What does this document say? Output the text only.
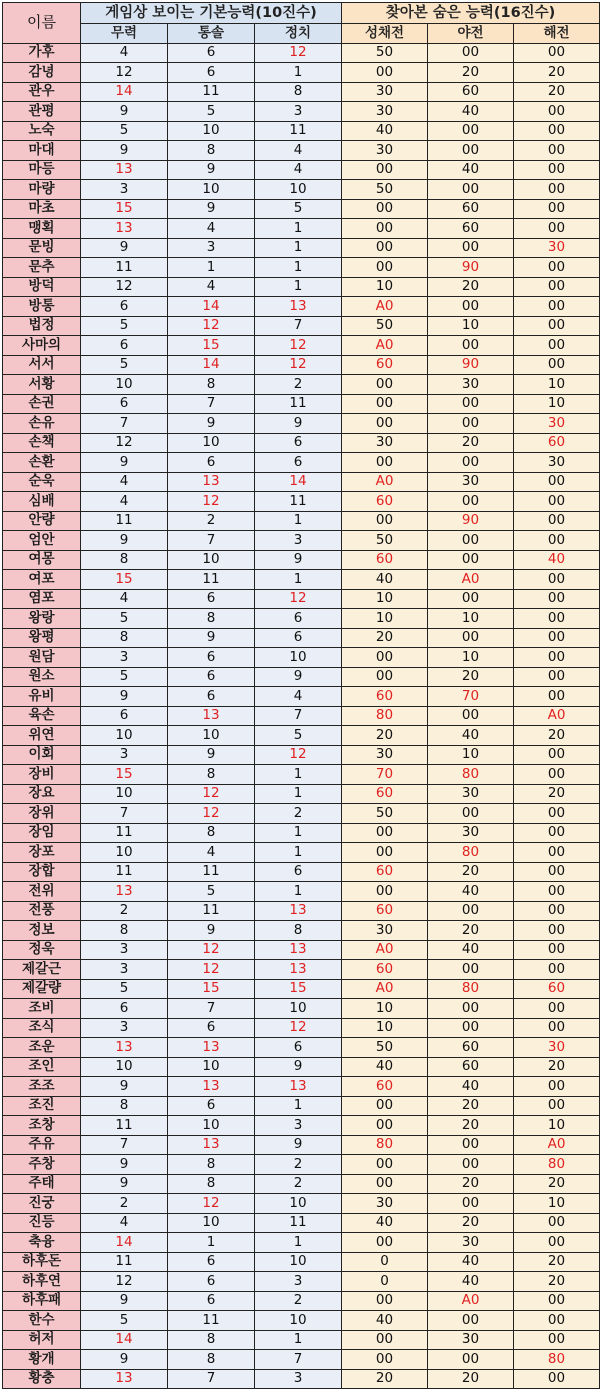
이름	게임상 보이는 기본능력(10진수)			찾아본 숨은 능력(16진수)		
	무력	통솔	정치	성채전	야전	해전
가후	4	6	12	50	00	00
감녕	12	6	1	00	20	20
관우	14	11	8	30	60	20
관평	9	5	3	30	40	00
노숙	5	10	11	40	00	00
마대	9	8	4	30	00	00
마등	13	9	4	00	40	00
마량	3	10	10	50	00	00
마초	15	9	5	00	60	00
맹획	13	4	1	00	60	00
문빙	9	3	1	00	00	30
문추	11	1	1	00	90	00
방덕	12	4	1	10	20	00
방통	6	14	13	A0	00	00
법정	5	12	7	50	10	00
사마의	6	15	12	A0	00	00
서서	5	14	12	60	90	00
서황	10	8	2	00	30	10
손권	6	7	11	00	00	10
손유	7	9	9	00	00	30
손책	12	10	6	30	20	60
손환	9	6	6	00	00	30
순욱	4	13	14	A0	30	00
심배	4	12	11	60	00	00
안량	11	2	1	00	90	00
엄안	9	7	3	50	00	00
여몽	8	10	9	60	00	40
여포	15	11	1	40	A0	00
염포	4	6	12	10	00	00
왕랑	5	8	6	10	10	00
왕평	8	9	6	20	00	00
원담	3	6	10	00	10	00
원소	5	6	9	00	20	00
유비	9	6	4	60	70	00
육손	6	13	7	80	00	A0
위연	10	10	5	20	40	20
이회	3	9	12	30	10	00
장비	15	8	1	70	80	00
장요	10	12	1	60	30	20
장위	7	12	2	50	00	00
장임	11	8	1	00	30	00
장포	10	4	1	00	80	00
장합	11	11	6	60	20	00
전위	13	5	1	00	40	00
전풍	2	11	13	60	00	00
정보	8	9	8	30	20	00
정욱	3	12	13	A0	40	00
제갈근	3	12	13	60	00	00
제갈량	5	15	15	A0	80	60
조비	6	7	10	10	00	00
조식	3	6	12	10	00	00
조운	13	13	6	50	60	30
조인	10	10	9	40	60	20
조조	9	13	13	60	40	00
조진	8	6	1	00	20	00
조창	11	10	3	00	20	10
주유	7	13	9	80	00	A0
주창	9	8	2	00	00	80
주태	9	8	2	00	20	20
진궁	2	12	10	30	00	10
진등	4	10	11	40	20	00
축융	14	1	1	00	30	00
하후돈	11	6	10	0	40	20
하후연	12	6	3	0	40	20
하후패	9	6	2	00	A0	00
한수	5	11	10	40	00	00
허저	14	8	1	00	30	00
황개	9	8	7	00	00	80
황충	13	7	3	20	20	00
